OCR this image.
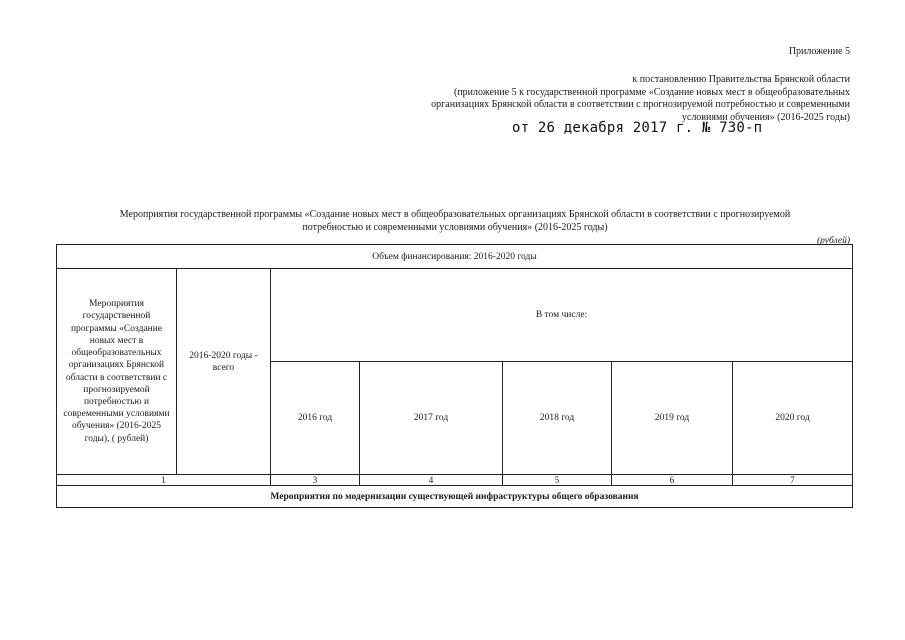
Приложение 5
к постановлению Правительства Брянской области
(приложение 5 к государственной программе «Создание новых мест в общеобразовательных
организациях Брянской области в соответствии с прогнозируемой потребностью и современными
условиями обучения» (2016-2025 годы)
от 26 декабря 2017 г. № 730-п
Мероприятия государственной программы «Создание новых мест в общеобразовательных организациях Брянской области в соответствии с прогнозируемой
потребностью и современными условиями обучения» (2016-2025 годы)
(рублей)
Объем финансирования: 2016-2020 годы						
Мероприятия государственной программы «Создание новых мест в общеобразовательных организациях Брянской области в соответствии с прогнозируемой потребностью и современными условиями обучения» (2016-2025 годы), ( рублей)	2016-2020 годы - всего	В том числе:				
		2016 год	2017 год	2018 год	2019 год	2020 год
1		3	4	5	6	7
Мероприятия по модернизации существующей инфраструктуры общего образования						
